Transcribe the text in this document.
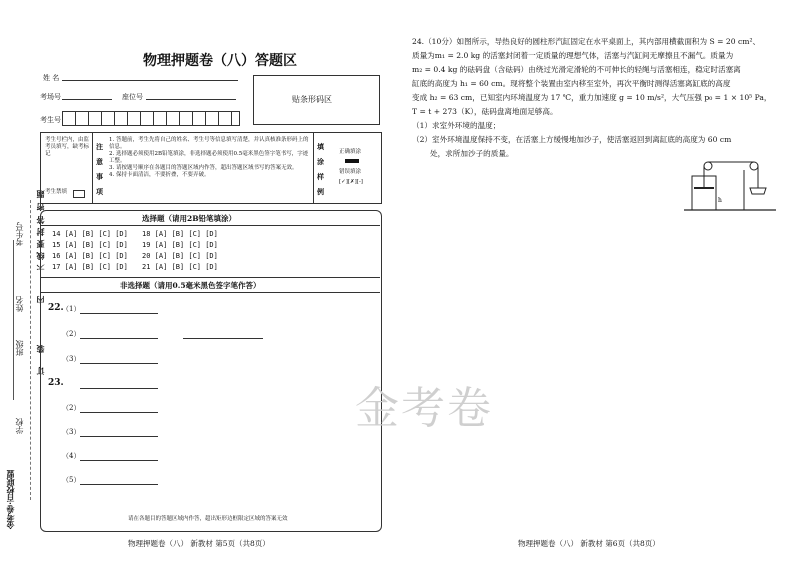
金考卷·百校联盟
学校
班级
姓名
考生号
密
封
线
内
不
要
答
题
装
订
物理押题卷（八）答题区
姓 名
考场号	座位号
考生号
贴条形码区
考生号栏内，由监考员填写，缺考标记
考生禁填
注
意
事
项
1. 答题前，考生先将自己的姓名、考生号等信息填写清楚，并认真核准条形码上的信息。
2. 选择题必须使用2B铅笔填涂，非选择题必须使用0.5毫米黑色签字笔书写，字迹工整。
3. 请按题号顺序在各题目的答题区域内作答，超出答题区域书写的答案无效。
4. 保持卡面清洁，不要折叠，不要弄破。
填
涂
样
例
正确填涂
错误填涂
[✓][✗][-]
选择题（请用2B铅笔填涂）
14 [A] [B] [C] [D] 18 [A] [B] [C] [D]
15 [A] [B] [C] [D] 19 [A] [B] [C] [D]
16 [A] [B] [C] [D] 20 [A] [B] [C] [D]
17 [A] [B] [C] [D] 21 [A] [B] [C] [D]
非选择题（请用0.5毫米黑色签字笔作答）
22.
（1）
（2）
（3）
23.
（2）
（3）
（4）
（5）
请在各题目的答题区域内作答，超出矩形边框限定区域的答案无效
物理押题卷（八） 新教材 第5页（共8页）
金考卷
24.（10分）如图所示，导热良好的圆柱形汽缸固定在水平桌面上，其内部用横截面积为 S = 20 cm²、
质量为m₁ = 2.0 kg 的活塞封闭着一定质量的理想气体，活塞与汽缸间无摩擦且不漏气。质量为
m₂ = 0.4 kg 的砝码盘（含砝码）由绕过光滑定滑轮的不可伸长的轻绳与活塞相连，稳定时活塞离
缸底的高度为 h₁ = 60 cm。现将整个装置由室内移至室外，再次平衡时测得活塞离缸底的高度
变成 h₂ = 63 cm，已知室内环境温度为 17 ℃，重力加速度 g = 10 m/s²，大气压强 p₀ = 1 × 10⁵ Pa，
T = t + 273（K），砝码盘离地面足够高。
（1）求室外环境的温度；
（2）室外环境温度保持不变，在活塞上方缓慢地加沙子，使活塞返回到离缸底的高度为 60 cm
处，求所加沙子的质量。
h
物理押题卷（八） 新教材 第6页（共8页）
